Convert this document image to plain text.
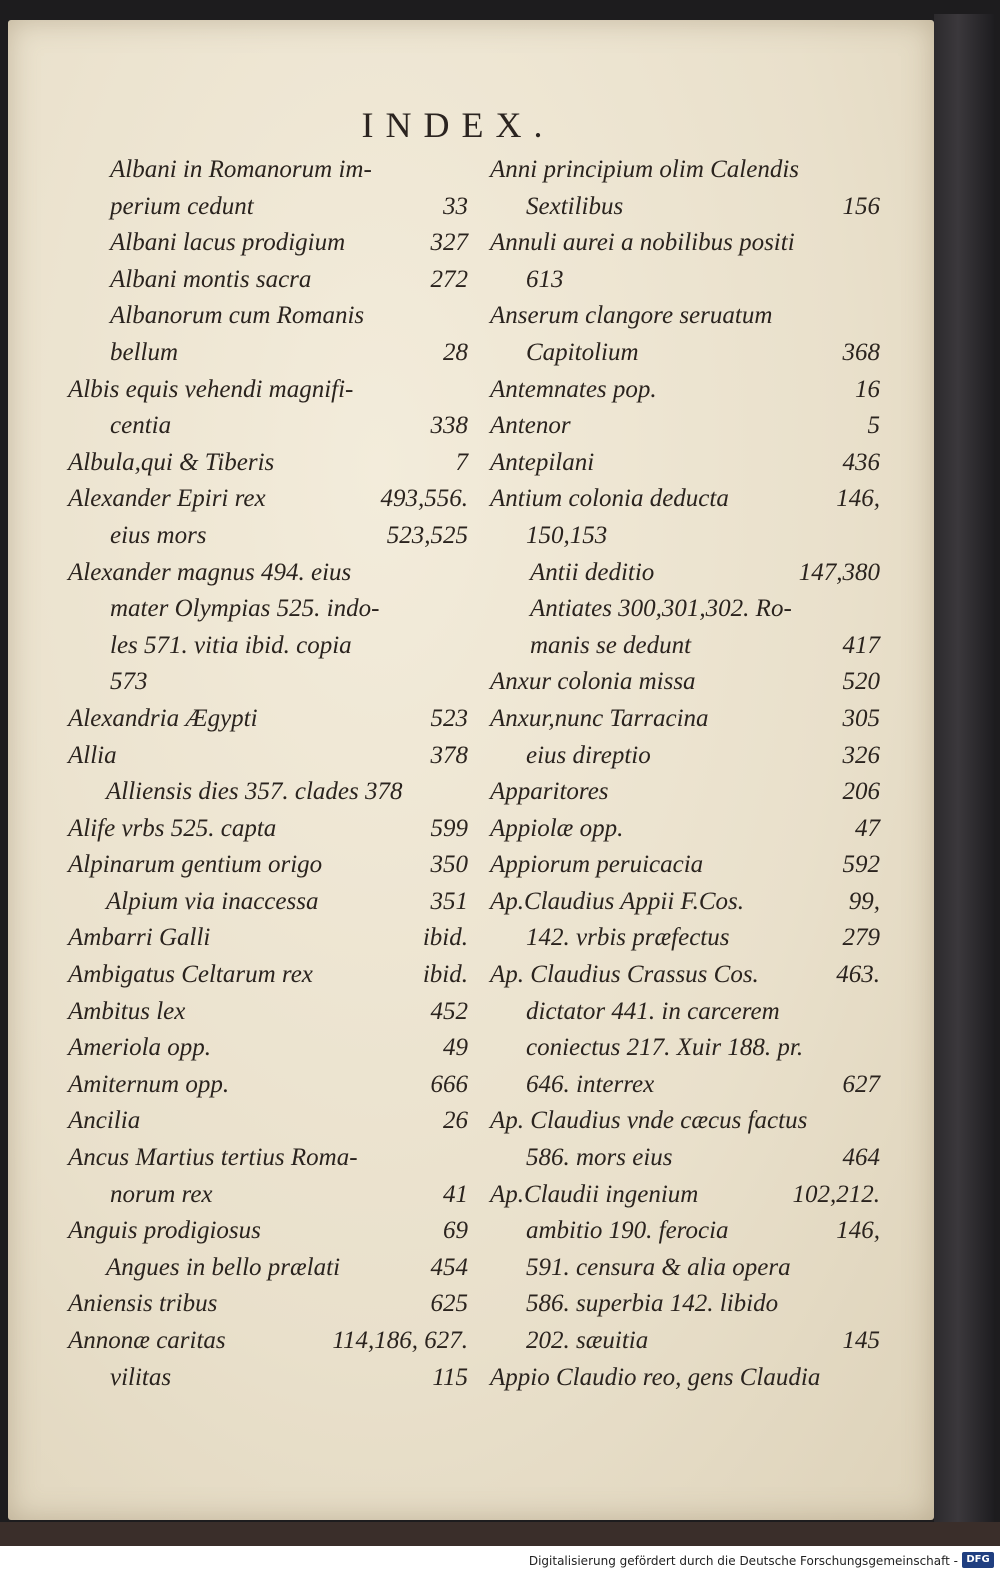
INDEX.
Albani in Romanorum im-
perium cedunt	33
Albani lacus prodigium	327
Albani montis sacra	272
Albanorum cum Romanis
bellum	28
Albis equis vehendi magnifi-
centia	338
Albula,qui & Tiberis	7
Alexander Epiri rex	493,556.
eius mors	523,525
Alexander magnus 494. eius
mater Olympias 525. indo-
les 571. vitia ibid. copia
573
Alexandria Ægypti	523
Allia	378
Alliensis dies 357. clades 378
Alife vrbs 525. capta	599
Alpinarum gentium origo	350
Alpium via inaccessa	351
Ambarri Galli	ibid.
Ambigatus Celtarum rex	ibid.
Ambitus lex	452
Ameriola opp.	49
Amiternum opp.	666
Ancilia	26
Ancus Martius tertius Roma-
norum rex	41
Anguis prodigiosus	69
Angues in bello prælati	454
Aniensis tribus	625
Annonæ caritas	114,186, 627.
vilitas	115
Anni principium olim Calendis
Sextilibus	156
Annuli aurei a nobilibus positi
613
Anserum clangore seruatum
Capitolium	368
Antemnates pop.	16
Antenor	5
Antepilani	436
Antium colonia deducta	146,
150,153
Antii deditio	147,380
Antiates 300,301,302. Ro-
manis se dedunt	417
Anxur colonia missa	520
Anxur,nunc Tarracina	305
eius direptio	326
Apparitores	206
Appiolæ opp.	47
Appiorum peruicacia	592
Ap.Claudius Appii F.Cos.	99,
142. vrbis præfectus	279
Ap. Claudius Crassus Cos.	463.
dictator 441. in carcerem
coniectus 217. Xuir 188. pr.
646. interrex	627
Ap. Claudius vnde cæcus factus
586. mors eius	464
Ap.Claudii ingenium	102,212.
ambitio 190. ferocia	146,
591. censura & alia opera
586. superbia 142. libido
202. sæuitia	145
Appio Claudio reo, gens Claudia
Digitalisierung gefördert durch die Deutsche Forschungsgemeinschaft - DFG
